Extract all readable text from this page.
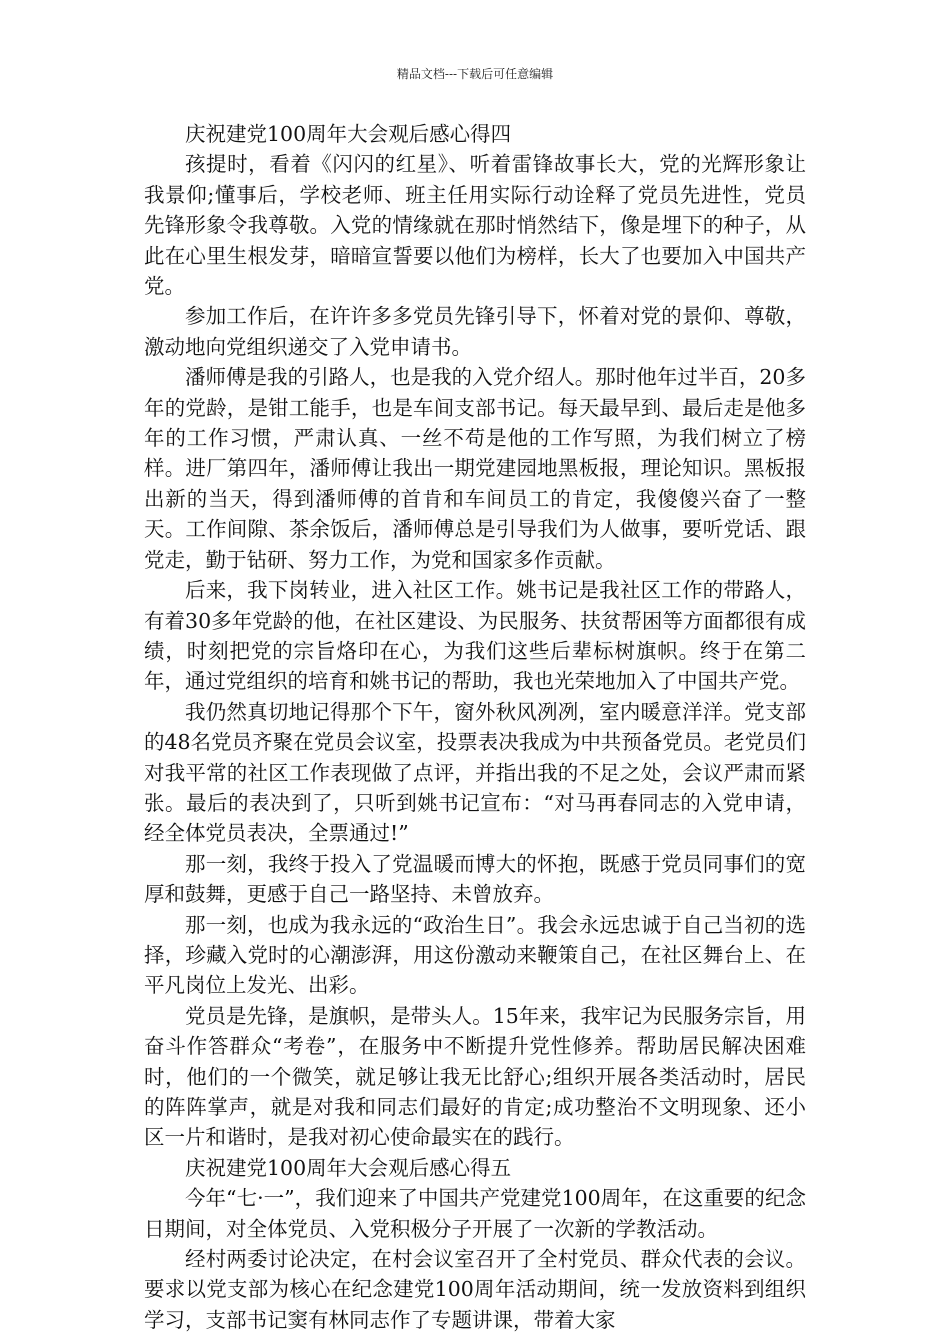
精品文档---下载后可任意编辑

庆祝建党100周年大会观后感心得四

孩提时，看着《闪闪的红星》、听着雷锋故事长大，党的光辉形象让我景仰;懂事后，学校老师、班主任用实际行动诠释了党员先进性，党员先锋形象令我尊敬。入党的情缘就在那时悄然结下，像是埋下的种子，从此在心里生根发芽，暗暗宣誓要以他们为榜样，长大了也要加入中国共产党。

参加工作后，在许许多多党员先锋引导下，怀着对党的景仰、尊敬，激动地向党组织递交了入党申请书。

潘师傅是我的引路人，也是我的入党介绍人。那时他年过半百，20多年的党龄，是钳工能手，也是车间支部书记。每天最早到、最后走是他多年的工作习惯，严肃认真、一丝不苟是他的工作写照，为我们树立了榜样。进厂第四年，潘师傅让我出一期党建园地黑板报，理论知识。黑板报出新的当天，得到潘师傅的首肯和车间员工的肯定，我傻傻兴奋了一整天。工作间隙、茶余饭后，潘师傅总是引导我们为人做事，要听党话、跟党走，勤于钻研、努力工作，为党和国家多作贡献。

后来，我下岗转业，进入社区工作。姚书记是我社区工作的带路人，有着30多年党龄的他，在社区建设、为民服务、扶贫帮困等方面都很有成绩，时刻把党的宗旨烙印在心，为我们这些后辈标树旗帜。终于在第二年，通过党组织的培育和姚书记的帮助，我也光荣地加入了中国共产党。

我仍然真切地记得那个下午，窗外秋风冽冽，室内暖意洋洋。党支部的48名党员齐聚在党员会议室，投票表决我成为中共预备党员。老党员们对我平常的社区工作表现做了点评，并指出我的不足之处，会议严肃而紧张。最后的表决到了，只听到姚书记宣布：“对马再春同志的入党申请，经全体党员表决，全票通过!”

那一刻，我终于投入了党温暖而博大的怀抱，既感于党员同事们的宽厚和鼓舞，更感于自己一路坚持、未曾放弃。

那一刻，也成为我永远的“政治生日”。我会永远忠诚于自己当初的选择，珍藏入党时的心潮澎湃，用这份激动来鞭策自己，在社区舞台上、在平凡岗位上发光、出彩。

党员是先锋，是旗帜，是带头人。15年来，我牢记为民服务宗旨，用奋斗作答群众“考卷”，在服务中不断提升党性修养。帮助居民解决困难时，他们的一个微笑，就足够让我无比舒心;组织开展各类活动时，居民的阵阵掌声，就是对我和同志们最好的肯定;成功整治不文明现象、还小区一片和谐时，是我对初心使命最实在的践行。

庆祝建党100周年大会观后感心得五

今年“七·一”，我们迎来了中国共产党建党100周年，在这重要的纪念日期间，对全体党员、入党积极分子开展了一次新的学教活动。

经村两委讨论决定，在村会议室召开了全村党员、群众代表的会议。要求以党支部为核心在纪念建党100周年活动期间，统一发放资料到组织学习，支部书记窦有林同志作了专题讲课，带着大家
